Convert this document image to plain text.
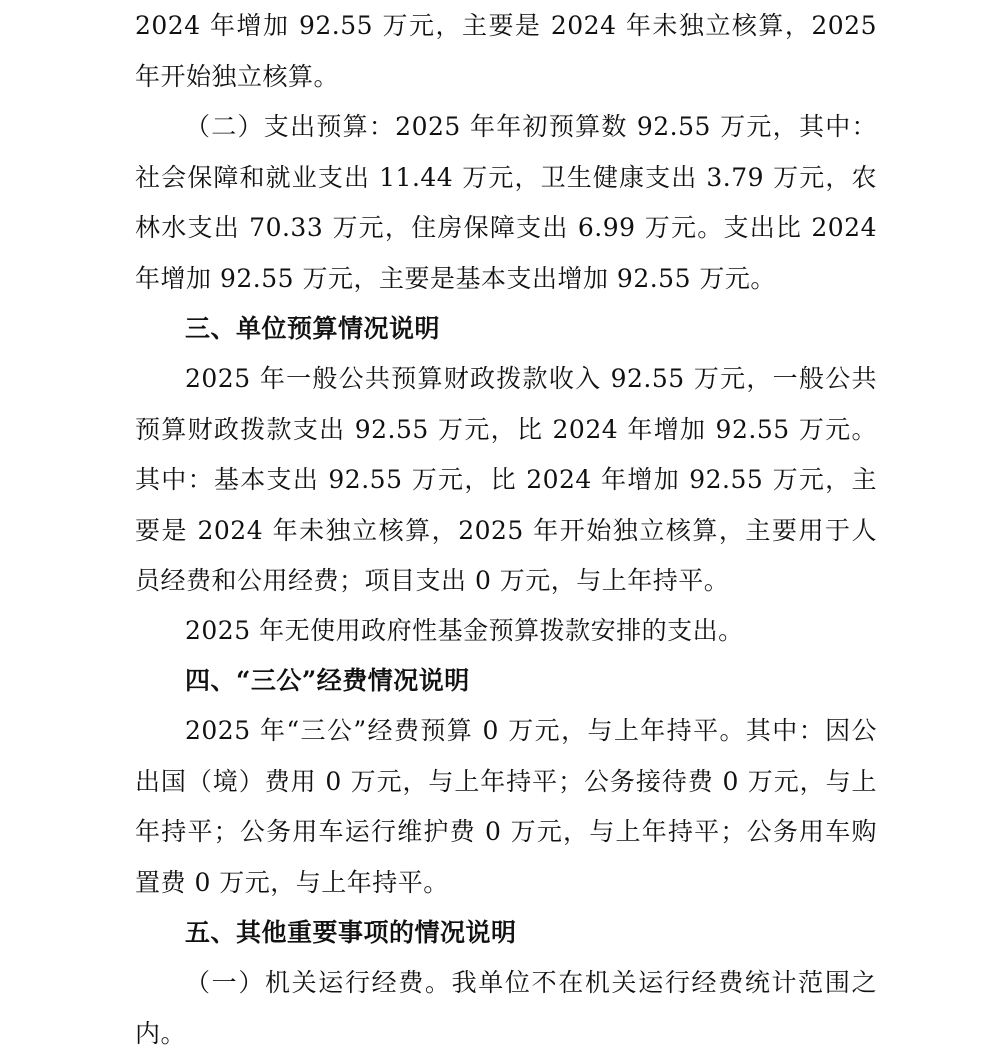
2024 年增加 92.55 万元，主要是 2024 年未独立核算，2025 年开始独立核算。

（二）支出预算：2025 年年初预算数 92.55 万元，其中：社会保障和就业支出 11.44 万元，卫生健康支出 3.79 万元，农林水支出 70.33 万元，住房保障支出 6.99 万元。支出比 2024 年增加 92.55 万元，主要是基本支出增加 92.55 万元。

三、单位预算情况说明

2025 年一般公共预算财政拨款收入 92.55 万元，一般公共预算财政拨款支出 92.55 万元，比 2024 年增加 92.55 万元。其中：基本支出 92.55 万元，比 2024 年增加 92.55 万元，主要是 2024 年未独立核算，2025 年开始独立核算，主要用于人员经费和公用经费；项目支出 0 万元，与上年持平。

2025 年无使用政府性基金预算拨款安排的支出。

四、“三公”经费情况说明

2025 年“三公”经费预算 0 万元，与上年持平。其中：因公出国（境）费用 0 万元，与上年持平；公务接待费 0 万元，与上年持平；公务用车运行维护费 0 万元，与上年持平；公务用车购置费 0 万元，与上年持平。

五、其他重要事项的情况说明

（一）机关运行经费。我单位不在机关运行经费统计范围之内。
